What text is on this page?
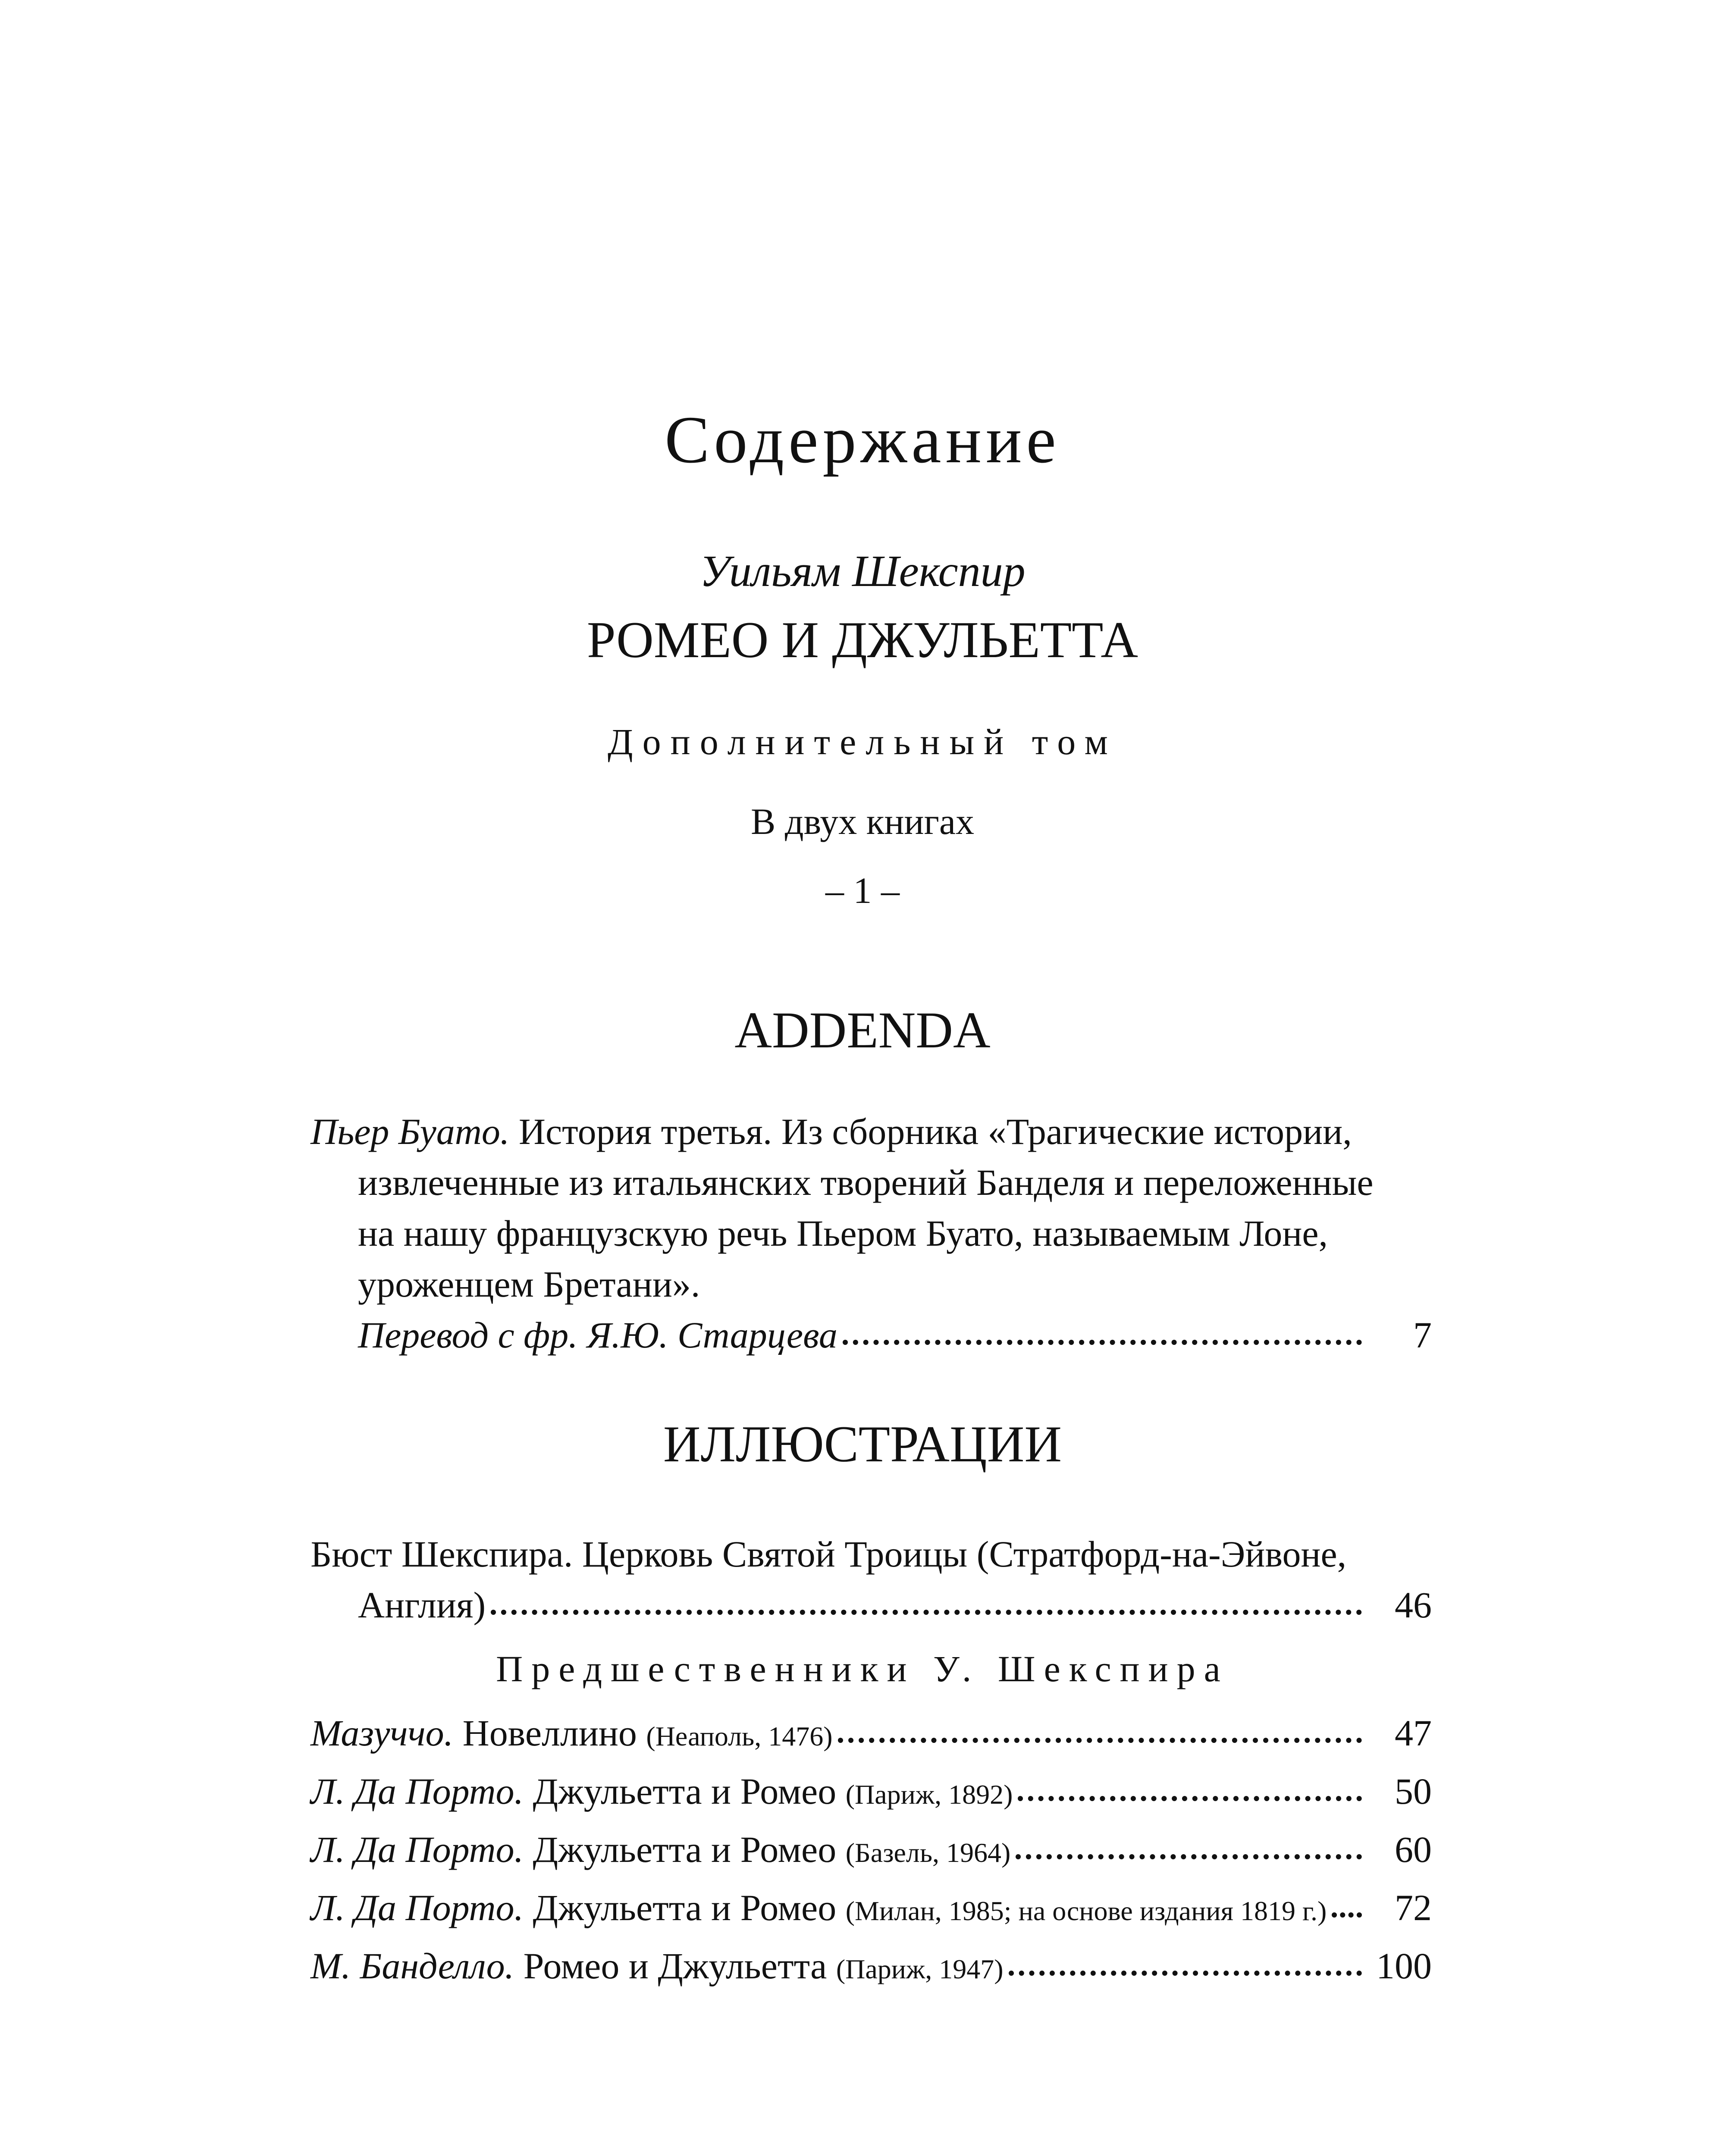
Содержание
Уильям Шекспир
РОМЕО И ДЖУЛЬЕТТА
Дополнительный том
В двух книгах
– 1 –
ADDENDA
Пьер Буато. История третья. Из сборника «Трагические истории,
извлеченные из итальянских творений Банделя и переложенные
на нашу французскую речь Пьером Буато, называемым Лоне,
уроженцем Бретани».
Перевод с фр. Я.Ю. Старцева	7
ИЛЛЮСТРАЦИИ
Бюст Шекспира. Церковь Святой Троицы (Стратфорд-на-Эйвоне,
Англия)	46
Предшественники У. Шекспира
Мазуччо. Новеллино (Неаполь, 1476)	47
Л. Да Порто. Джульетта и Ромео (Париж, 1892)	50
Л. Да Порто. Джульетта и Ромео (Базель, 1964)	60
Л. Да Порто. Джульетта и Ромео (Милан, 1985; на основе издания 1819 г.)	72
М. Банделло. Ромео и Джульетта (Париж, 1947)	100
